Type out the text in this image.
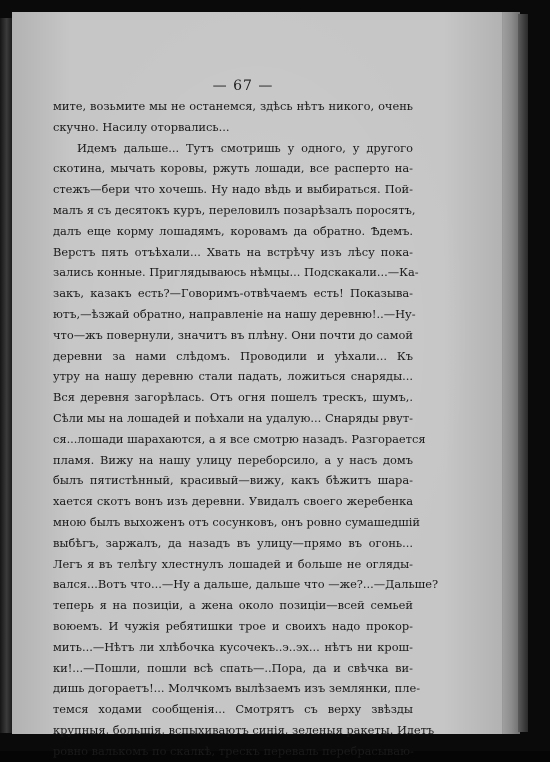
— 67 —
мите, возьмите мы не останемся, здѣсь нѣтъ никого, очень
скучно. Насилу оторвались...
Идемъ дальше... Тутъ смотришь у одного, у другого
скотина, мычать коровы, ржуть лошади, все расперто на-
стежъ—бери что хочешь. Ну надо вѣдь и выбираться. Пой-
малъ я съ десятокъ куръ, переловилъ позарѣзалъ поросятъ,
далъ еще корму лошадямъ, коровамъ да обратно. Ѣдемъ.
Верстъ пять отъѣхали... Хвать на встрѣчу изъ лѣсу пока-
зались конные. Приглядываюсь нѣмцы... Подскакали...—Ка-
закъ, казакъ есть?—Говоримъ-отвѣчаемъ есть! Показыва-
ютъ,—ѣзжай обратно, направленіе на нашу деревню!..—Ну-
что—жъ повернули, значитъ въ плѣну. Они почти до самой
деревни за нами слѣдомъ. Проводили и уѣхали... Къ
утру на нашу деревню стали падать, ложиться снаряды...
Вся деревня загорѣлась. Отъ огня пошелъ трескъ, шумъ,.
Сѣли мы на лошадей и поѣхали на удалую... Снаряды рвут-
ся...лошади шарахаются, а я все смотрю назадъ. Разгорается
пламя. Вижу на нашу улицу переборсило, а у насъ домъ
былъ пятистѣнный, красивый—вижу, какъ бѣжитъ шара-
хается скотъ вонъ изъ деревни. Увидалъ своего жеребенка
мною былъ выхоженъ отъ сосунковъ, онъ ровно сумашедшій
выбѣгъ, заржалъ, да назадъ въ улицу—прямо въ огонь...
Легъ я въ телѣгу хлестнулъ лошадей и больше не огляды-
вался...Вотъ что...—Ну а дальше, дальше что —же?...—Дальше?
теперь я на позиціи, а жена около позиціи—всей семьей
воюемъ. И чужія ребятишки трое и своихъ надо прокор-
мить...—Нѣтъ ли хлѣбочка кусочекъ..э..эх... нѣтъ ни крош-
ки!...—Пошли, пошли всѣ спать—..Пора, да и свѣчка ви-
дишь догораетъ!... Молчкомъ вылѣзаемъ изъ землянки, пле-
темся ходами сообщенія... Смотрятъ съ верху звѣзды
крупныя, большія, вспыхиваютъ синія, зеленыя ракеты. Идетъ
ровно валькомъ по скалкѣ, трескъ переваль перебрасываю-
